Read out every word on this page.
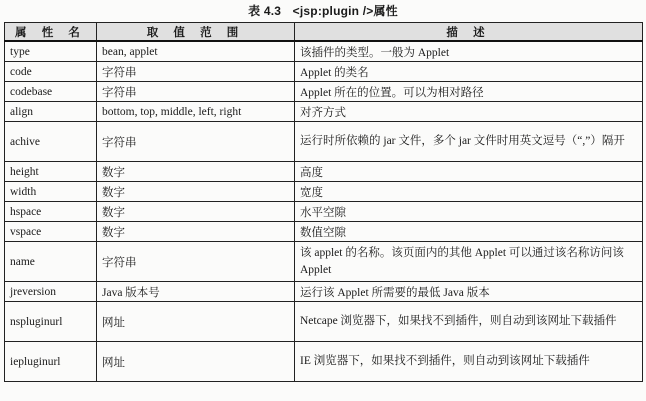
表 4.3 <jsp:plugin />属性
属 性 名	取 值 范 围	描 述
type	bean, applet	该插件的类型。一般为 Applet
code	字符串	Applet 的类名
codebase	字符串	Applet 所在的位置。可以为相对路径
align	bottom, top, middle, left, right	对齐方式
achive	字符串	运行时所依赖的 jar 文件，多个 jar 文件时用英文逗号（“,”）隔开
height	数字	高度
width	数字	宽度
hspace	数字	水平空隙
vspace	数字	数值空隙
name	字符串	该 applet 的名称。该页面内的其他 Applet 可以通过该名称访问该 Applet
jreversion	Java 版本号	运行该 Applet 所需要的最低 Java 版本
nspluginurl	网址	Netcape 浏览器下，如果找不到插件，则自动到该网址下载插件
iepluginurl	网址	IE 浏览器下，如果找不到插件，则自动到该网址下载插件
